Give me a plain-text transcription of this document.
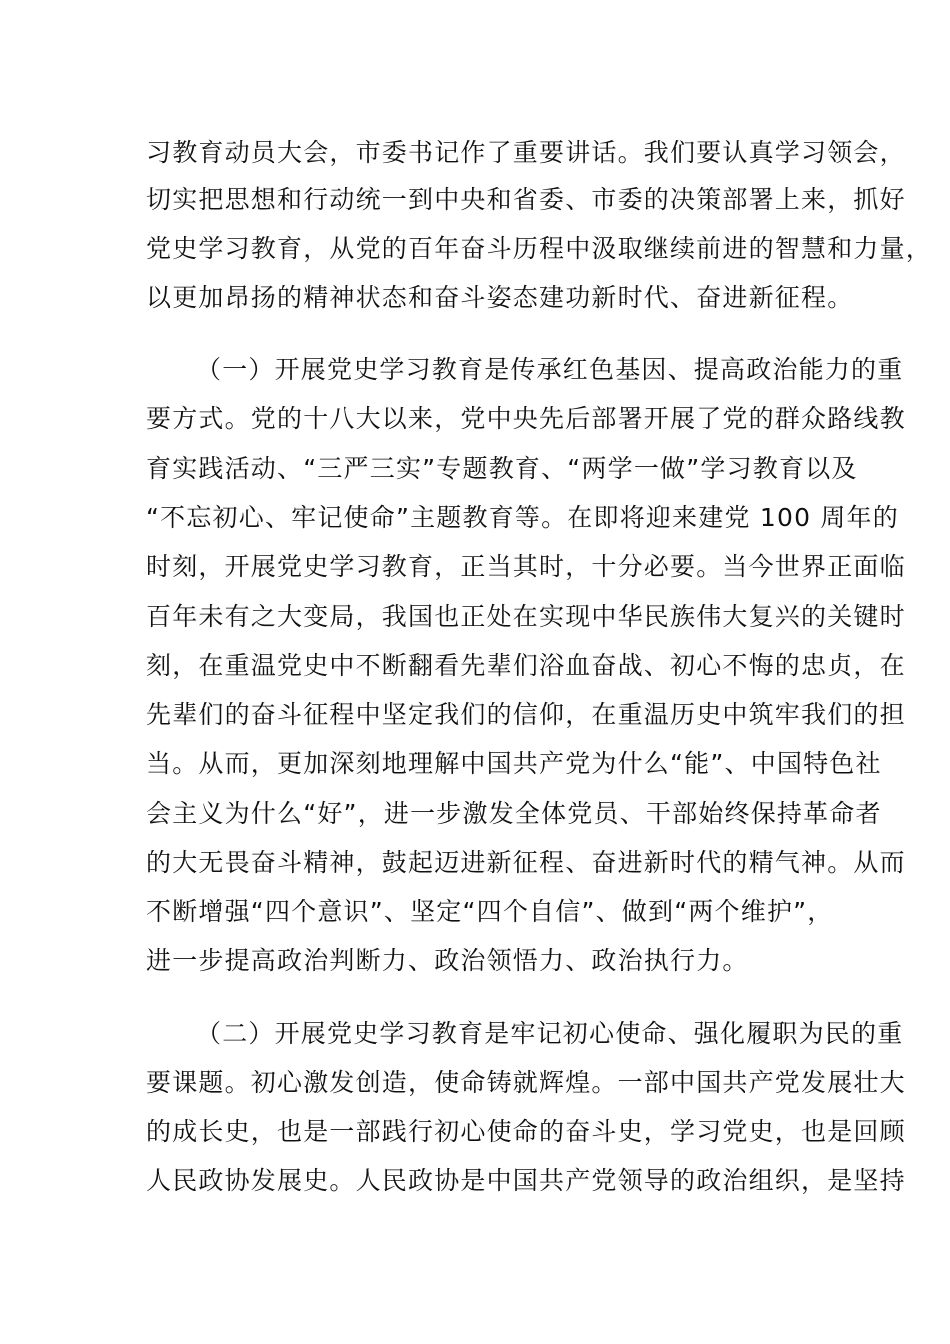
习教育动员大会，市委书记作了重要讲话。我们要认真学习领会，
切实把思想和行动统一到中央和省委、市委的决策部署上来，抓好
党史学习教育，从党的百年奋斗历程中汲取继续前进的智慧和力量，
以更加昂扬的精神状态和奋斗姿态建功新时代、奋进新征程。
（一）开展党史学习教育是传承红色基因、提高政治能力的重
要方式。党的十八大以来，党中央先后部署开展了党的群众路线教
育实践活动、“三严三实”专题教育、“两学一做”学习教育以及
“不忘初心、牢记使命”主题教育等。在即将迎来建党 100 周年的
时刻，开展党史学习教育，正当其时，十分必要。当今世界正面临
百年未有之大变局，我国也正处在实现中华民族伟大复兴的关键时
刻，在重温党史中不断翻看先辈们浴血奋战、初心不悔的忠贞，在
先辈们的奋斗征程中坚定我们的信仰，在重温历史中筑牢我们的担
当。从而，更加深刻地理解中国共产党为什么“能”、中国特色社
会主义为什么“好”，进一步激发全体党员、干部始终保持革命者
的大无畏奋斗精神，鼓起迈进新征程、奋进新时代的精气神。从而
不断增强“四个意识”、坚定“四个自信”、做到“两个维护”，
进一步提高政治判断力、政治领悟力、政治执行力。
（二）开展党史学习教育是牢记初心使命、强化履职为民的重
要课题。初心激发创造，使命铸就辉煌。一部中国共产党发展壮大
的成长史，也是一部践行初心使命的奋斗史，学习党史，也是回顾
人民政协发展史。人民政协是中国共产党领导的政治组织，是坚持
